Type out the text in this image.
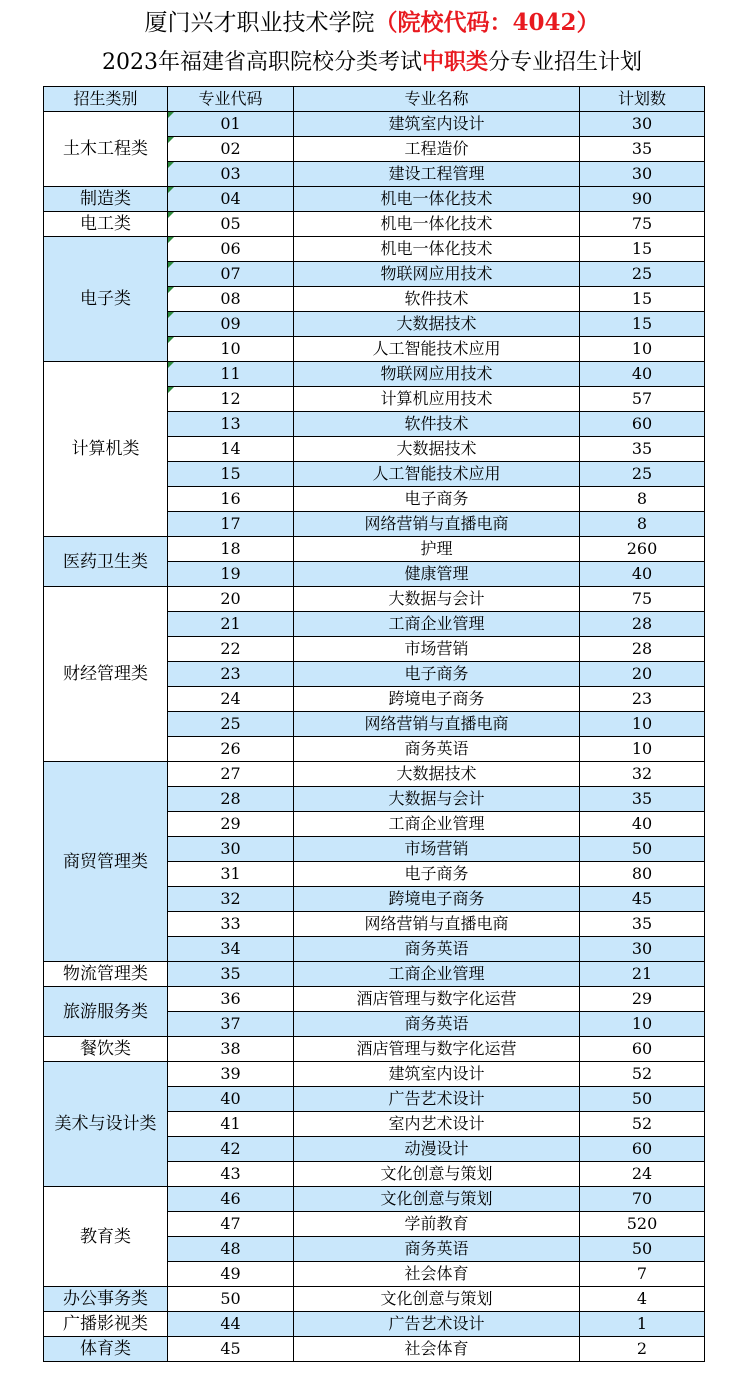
厦门兴才职业技术学院（院校代码：4042）
2023年福建省高职院校分类考试中职类分专业招生计划
招生类别	专业代码	专业名称	计划数
土木工程类	01	建筑室内设计	30

02	工程造价	35

03	建设工程管理	30
制造类	04	机电一体化技术	90
电工类	05	机电一体化技术	75
电子类	06	机电一体化技术	15

07	物联网应用技术	25

08	软件技术	15

09	大数据技术	15

10	人工智能技术应用	10
计算机类	11	物联网应用技术	40

12	计算机应用技术	57
	13	软件技术	60
	14	大数据技术	35
	15	人工智能技术应用	25
	16	电子商务	8
	17	网络营销与直播电商	8
医药卫生类	18	护理	260
	19	健康管理	40
财经管理类	20	大数据与会计	75
	21	工商企业管理	28
	22	市场营销	28
	23	电子商务	20
	24	跨境电子商务	23
	25	网络营销与直播电商	10
	26	商务英语	10
商贸管理类	27	大数据技术	32
	28	大数据与会计	35
	29	工商企业管理	40
	30	市场营销	50
	31	电子商务	80
	32	跨境电子商务	45
	33	网络营销与直播电商	35
	34	商务英语	30
物流管理类	35	工商企业管理	21
旅游服务类	36	酒店管理与数字化运营	29
	37	商务英语	10
餐饮类	38	酒店管理与数字化运营	60
美术与设计类	39	建筑室内设计	52
	40	广告艺术设计	50
	41	室内艺术设计	52
	42	动漫设计	60
	43	文化创意与策划	24
教育类	46	文化创意与策划	70
	47	学前教育	520
	48	商务英语	50
	49	社会体育	7
办公事务类	50	文化创意与策划	4
广播影视类	44	广告艺术设计	1
体育类	45	社会体育	2
